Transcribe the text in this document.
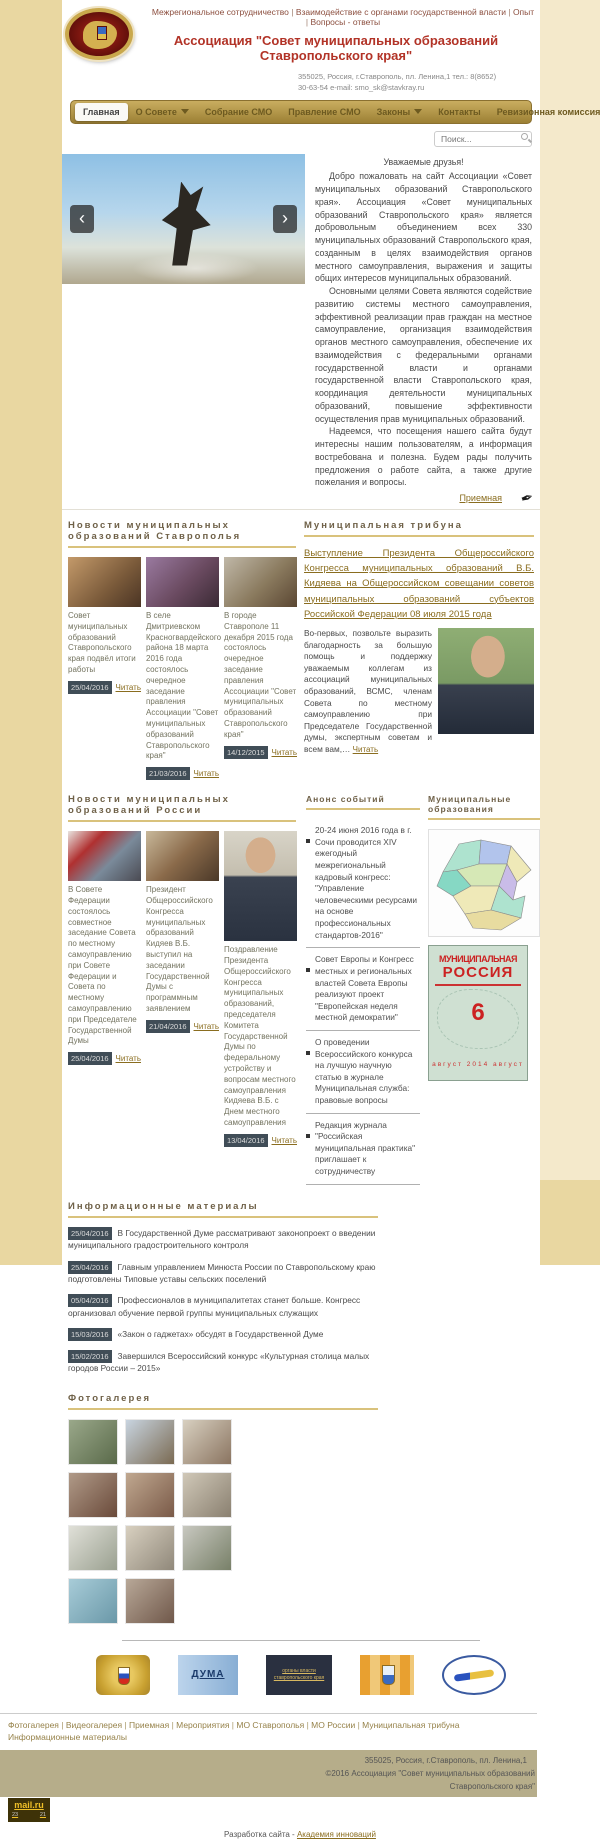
Межрегиональное сотрудничество | Взаимодействие с органами государственной власти | Опыт | Вопросы - ответы
Ассоциация "Совет муниципальных образований Ставропольского края"
355025, Россия, г.Ставрополь, пл. Ленина,1 тел.: 8(8652) 30-63-54 e-mail: smo_sk@stavkray.ru
Главная О Совете	Собрание СМО Правление СМО Законы	Контакты Ревизионная комиссия
Поиск...
‹	›
Уважаемые друзья!

Добро пожаловать на сайт Ассоциации «Совет муниципальных образований Ставропольского края». Ассоциация «Совет муниципальных образований Ставропольского края» является добровольным объединением всех 330 муниципальных образований Ставропольского края, созданным в целях взаимодействия органов местного самоуправления, выражения и защиты общих интересов муниципальных образований.

Основными целями Совета являются содействие развитию системы местного самоуправления, эффективной реализации прав граждан на местное самоуправление, организация взаимодействия органов местного самоуправления, обеспечение их взаимодействия с федеральными органами государственной власти и органами государственной власти Ставропольского края, координация деятельности муниципальных образований, повышение эффективности осуществления прав муниципальных образований.

Надеемся, что посещения нашего сайта будут интересны нашим пользователям, а информация востребована и полезна. Будем рады получить предложения о работе сайта, а также другие пожелания и вопросы.

Приемная
✒
Новости муниципальных образований Ставрополья
Совет муниципальных образований Ставропольского края подвёл итоги работы
25/04/2016 Читать
В селе Дмитриевском Красногвардейского района 18 марта 2016 года состоялось очередное заседание правления Ассоциации "Совет муниципальных образований Ставропольского края"
21/03/2016 Читать
В городе Ставрополе 11 декабря 2015 года состоялось очередное заседание правления Ассоциации "Совет муниципальных образований Ставропольского края"
14/12/2015 Читать
Муниципальная трибуна
Выступление Президента Общероссийского Конгресса муниципальных образований В.Б. Кидяева на Общероссийском совещании советов муниципальных образований субъектов Российской Федерации 08 июля 2015 года
Во-первых, позвольте выразить благодарность за большую помощь и поддержку уважаемым коллегам из ассоциаций муниципальных образований, ВСМС, членам Совета по местному самоуправлению при Председателе Государственной думы, экспертным советам и всем вам,… Читать
Новости муниципальных образований России
В Совете Федерации состоялось совместное заседание Совета по местному самоуправлению при Совете Федерации и Совета по местному самоуправлению при Председателе Государственной Думы
25/04/2016 Читать
Президент Общероссийского Конгресса муниципальных образований Кидяев В.Б. выступил на заседании Государственной Думы с программным заявлением
21/04/2016 Читать
Поздравление Президента Общероссийского Конгресса муниципальных образований, председателя Комитета Государственной Думы по федеральному устройству и вопросам местного самоуправления Кидяева В.Б. с Днем местного самоуправления
13/04/2016 Читать
Анонс событий
20-24 июня 2016 года в г. Сочи проводится XIV ежегодный межрегиональный кадровый конгресс: "Управление человеческими ресурсами на основе профессиональных стандартов-2016"
Совет Европы и Конгресс местных и региональных властей Совета Европы реализуют проект "Европейская неделя местной демократии"
О проведении Всероссийского конкурса на лучшую научную статью в журнале Муниципальная служба: правовые вопросы
Редакция журнала "Российская муниципальная практика" приглашает к сотрудничеству
Муниципальные образования
МУНИЦИПАЛЬНАЯ
РОССИЯ
6
август 2014 август
Информационные материалы
25/04/2016 В Государственной Думе рассматривают законопроект о введении муниципального градостроительного контроля
25/04/2016 Главным управлением Минюста России по Ставропольскому краю подготовлены Типовые уставы сельских поселений
05/04/2016 Профессионалов в муниципалитетах станет больше. Конгресс организовал обучение первой группы муниципальных служащих
15/03/2016 «Закон о гаджетах» обсудят в Государственной Думе
15/02/2016 Завершился Всероссийский конкурс «Культурная столица малых городов России – 2015»
Фотогалерея
ДУМА	органы власти ставропольского края
Фотогалерея | Видеогалерея | Приемная | Мероприятия | МО Ставрополья | МО России | Муниципальная трибуна
Информационные материалы
355025, Россия, г.Ставрополь, пл. Ленина,1
©2016 Ассоциация "Совет муниципальных образований Ставропольского края"
mail.ru
23	21
Разработка сайта - Академия инноваций
